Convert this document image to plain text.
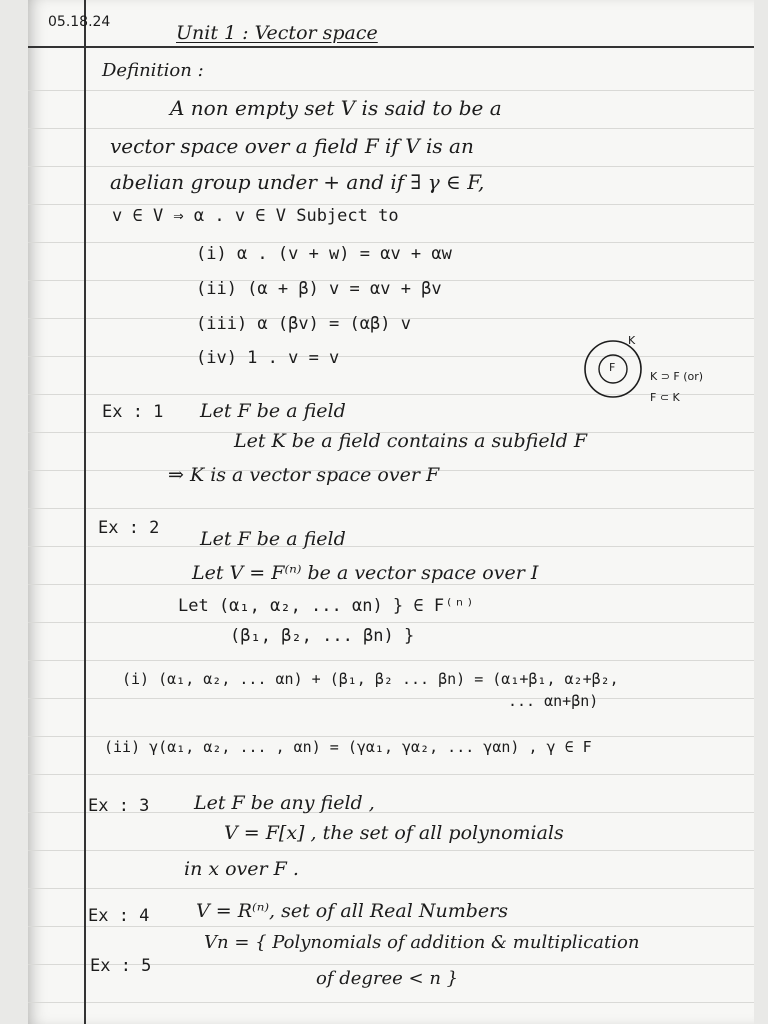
05.18.24	Unit 1 : Vector space
Definition :
A non empty set V is said to be a
vector space over a field F if V is an
abelian group under + and if ∃ γ ∈ F,
v ∈ V ⇒ α . v ∈ V Subject to
(i) α . (v + w) = αv + αw
(ii) (α + β) v = αv + βv
(iii) α (βv) = (αβ) v
(iv) 1 . v = v	F
K
K ⊃ F (or)
F ⊂ K
Ex : 1 Let F be a field
Let K be a field contains a subfield F
⇒ K is a vector space over F
Ex : 2 Let F be a field
Let V = F⁽ⁿ⁾ be a vector space over I
Let (α₁, α₂, ... αn) } ∈ F⁽ⁿ⁾
(β₁, β₂, ... βn) }
(i) (α₁, α₂, ... αn) + (β₁, β₂ ... βn) = (α₁+β₁, α₂+β₂,
... αn+βn)
(ii) γ(α₁, α₂, ... , αn) = (γα₁, γα₂, ... γαn) , γ ∈ F
Ex : 3 Let F be any field ,
V = F[x] , the set of all polynomials
in x over F .
Ex : 4 V = R⁽ⁿ⁾, set of all Real Numbers
Ex : 5
Vn = { Polynomials of addition & multiplication
of degree < n }
